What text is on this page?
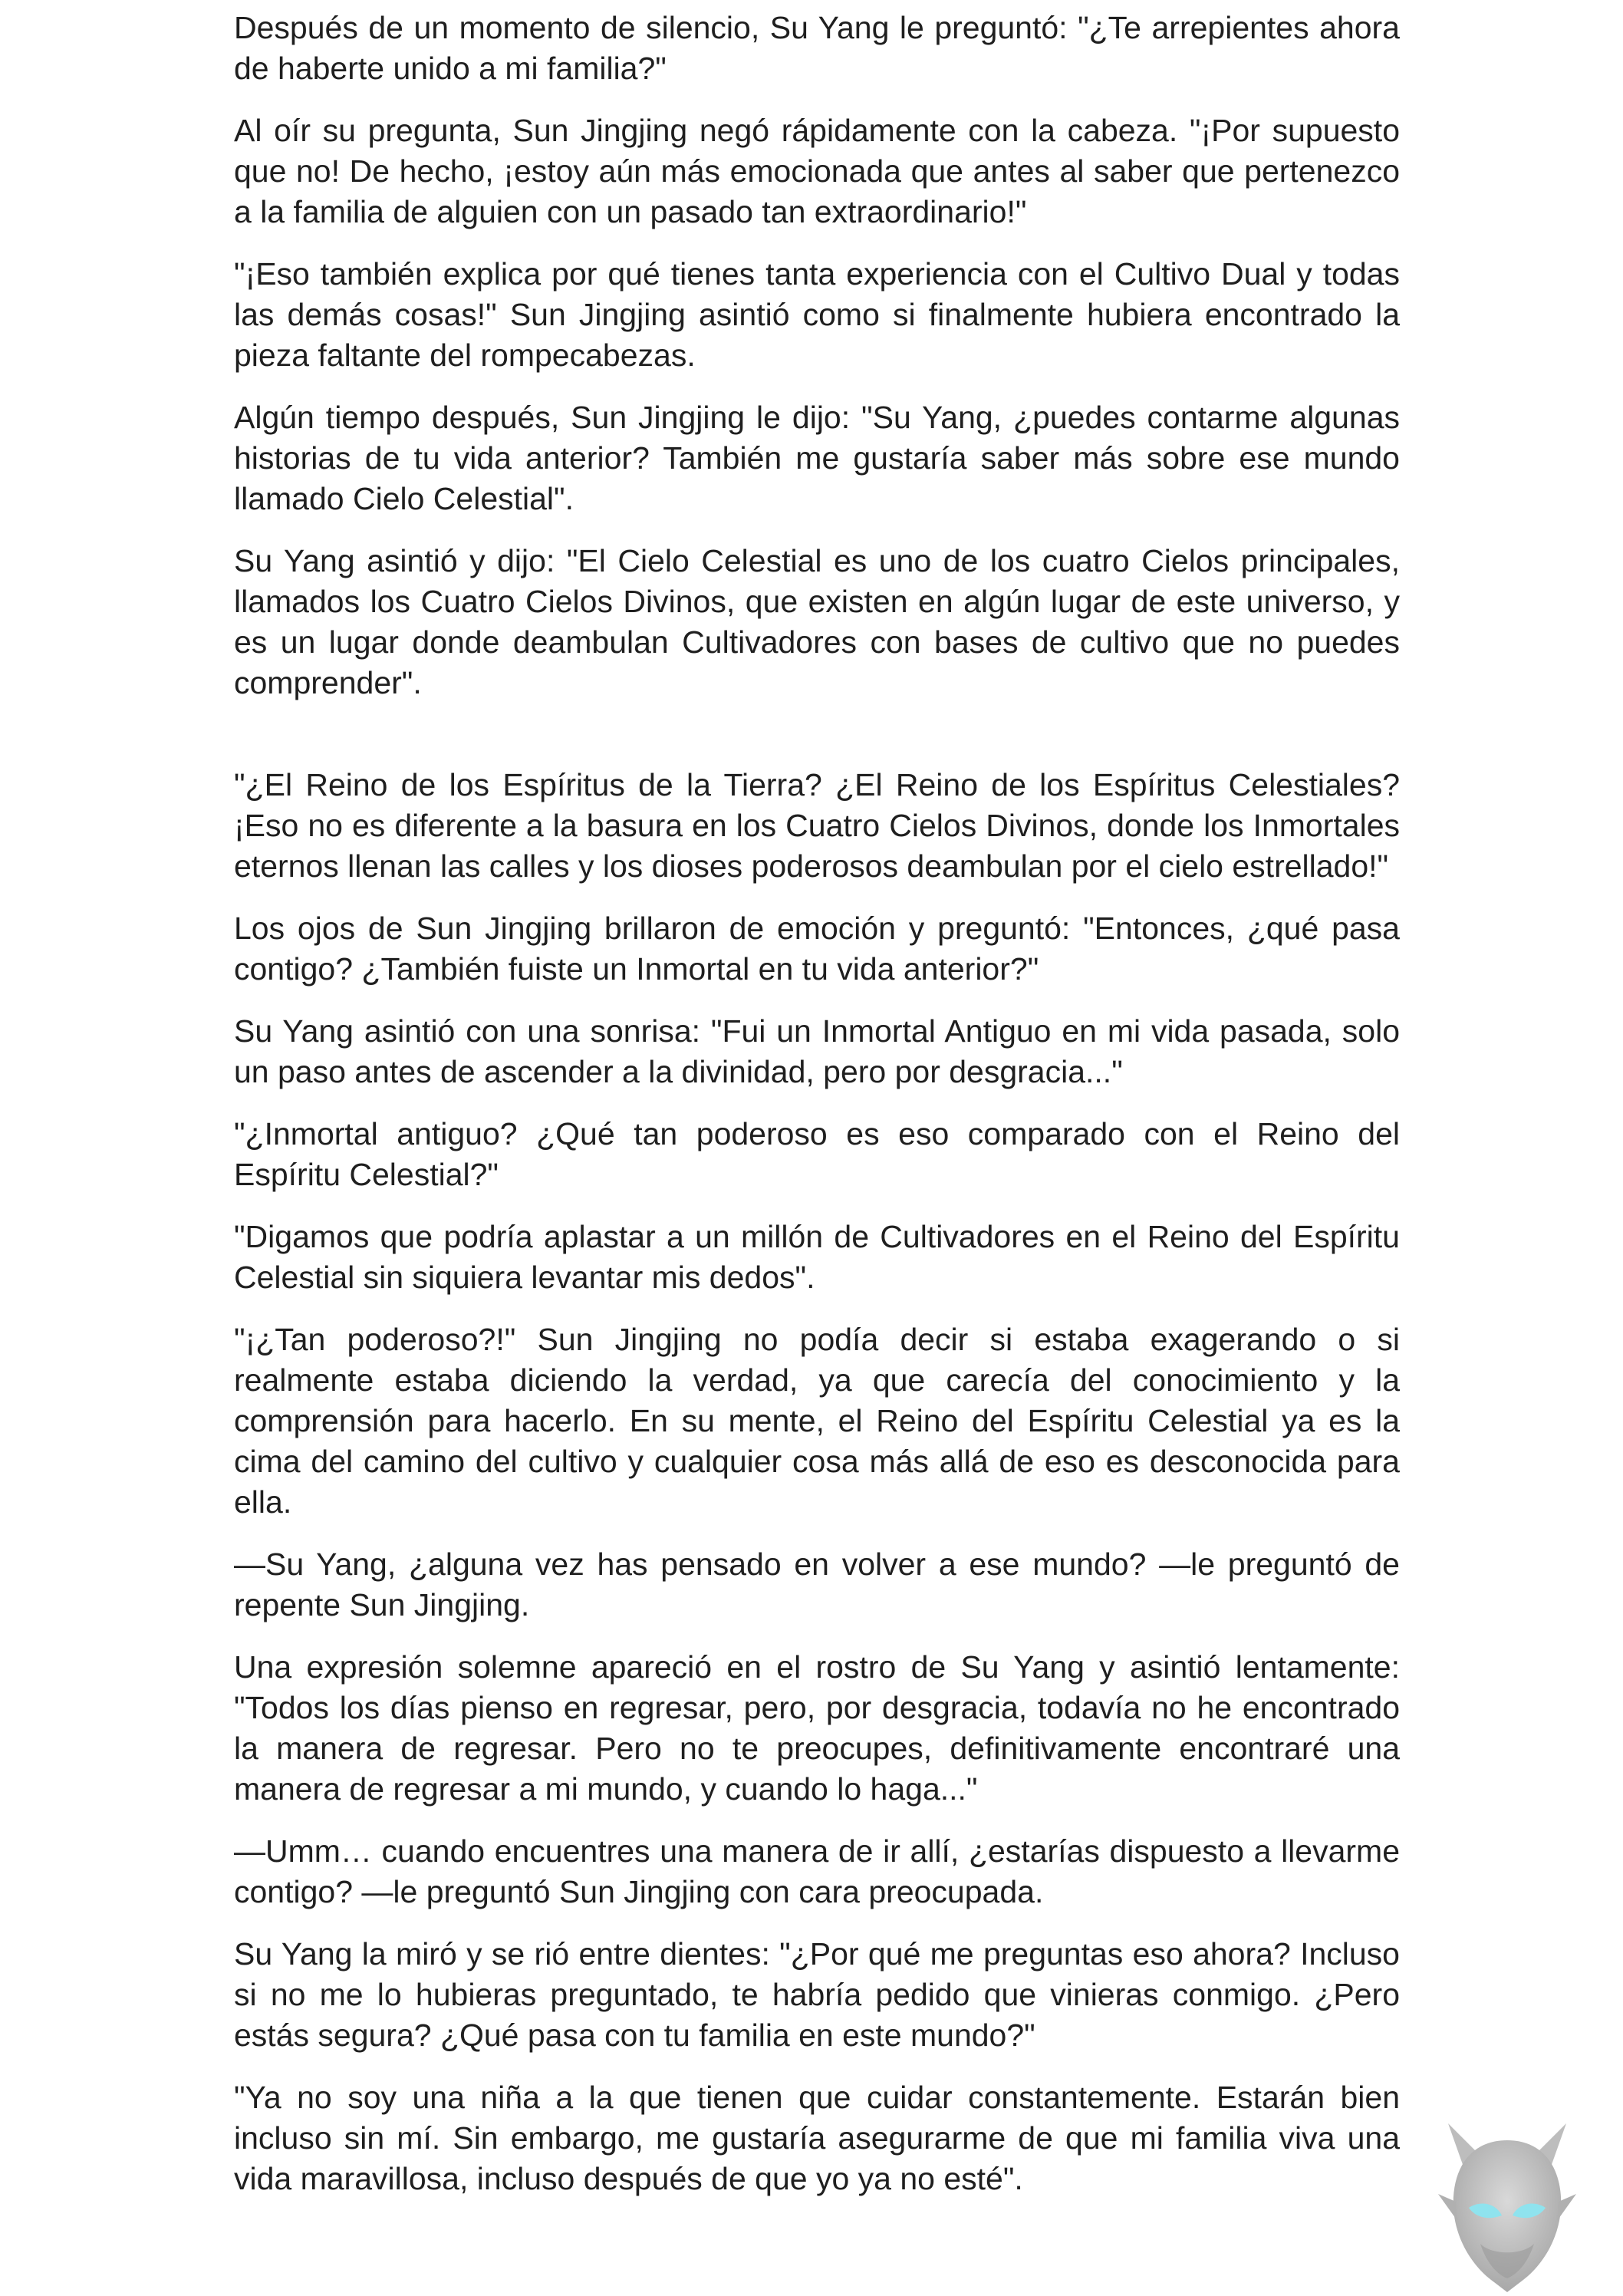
Después de un momento de silencio, Su Yang le preguntó: "¿Te arrepientes ahora de haberte unido a mi familia?"

Al oír su pregunta, Sun Jingjing negó rápidamente con la cabeza. "¡Por supuesto que no! De hecho, ¡estoy aún más emocionada que antes al saber que pertenezco a la familia de alguien con un pasado tan extraordinario!"

"¡Eso también explica por qué tienes tanta experiencia con el Cultivo Dual y todas las demás cosas!" Sun Jingjing asintió como si finalmente hubiera encontrado la pieza faltante del rompecabezas.

Algún tiempo después, Sun Jingjing le dijo: "Su Yang, ¿puedes contarme algunas historias de tu vida anterior? También me gustaría saber más sobre ese mundo llamado Cielo Celestial".

Su Yang asintió y dijo: "El Cielo Celestial es uno de los cuatro Cielos principales, llamados los Cuatro Cielos Divinos, que existen en algún lugar de este universo, y es un lugar donde deambulan Cultivadores con bases de cultivo que no puedes comprender".

"¿El Reino de los Espíritus de la Tierra? ¿El Reino de los Espíritus Celestiales? ¡Eso no es diferente a la basura en los Cuatro Cielos Divinos, donde los Inmortales eternos llenan las calles y los dioses poderosos deambulan por el cielo estrellado!"

Los ojos de Sun Jingjing brillaron de emoción y preguntó: "Entonces, ¿qué pasa contigo? ¿También fuiste un Inmortal en tu vida anterior?"

Su Yang asintió con una sonrisa: "Fui un Inmortal Antiguo en mi vida pasada, solo un paso antes de ascender a la divinidad, pero por desgracia..."

"¿Inmortal antiguo? ¿Qué tan poderoso es eso comparado con el Reino del Espíritu Celestial?"

"Digamos que podría aplastar a un millón de Cultivadores en el Reino del Espíritu Celestial sin siquiera levantar mis dedos".

"¡¿Tan poderoso?!" Sun Jingjing no podía decir si estaba exagerando o si realmente estaba diciendo la verdad, ya que carecía del conocimiento y la comprensión para hacerlo. En su mente, el Reino del Espíritu Celestial ya es la cima del camino del cultivo y cualquier cosa más allá de eso es desconocida para ella.

—Su Yang, ¿alguna vez has pensado en volver a ese mundo? —le preguntó de repente Sun Jingjing.

Una expresión solemne apareció en el rostro de Su Yang y asintió lentamente: "Todos los días pienso en regresar, pero, por desgracia, todavía no he encontrado la manera de regresar. Pero no te preocupes, definitivamente encontraré una manera de regresar a mi mundo, y cuando lo haga..."

—Umm… cuando encuentres una manera de ir allí, ¿estarías dispuesto a llevarme contigo? —le preguntó Sun Jingjing con cara preocupada.

Su Yang la miró y se rió entre dientes: "¿Por qué me preguntas eso ahora? Incluso si no me lo hubieras preguntado, te habría pedido que vinieras conmigo. ¿Pero estás segura? ¿Qué pasa con tu familia en este mundo?"

"Ya no soy una niña a la que tienen que cuidar constantemente. Estarán bien incluso sin mí. Sin embargo, me gustaría asegurarme de que mi familia viva una vida maravillosa, incluso después de que yo ya no esté".
